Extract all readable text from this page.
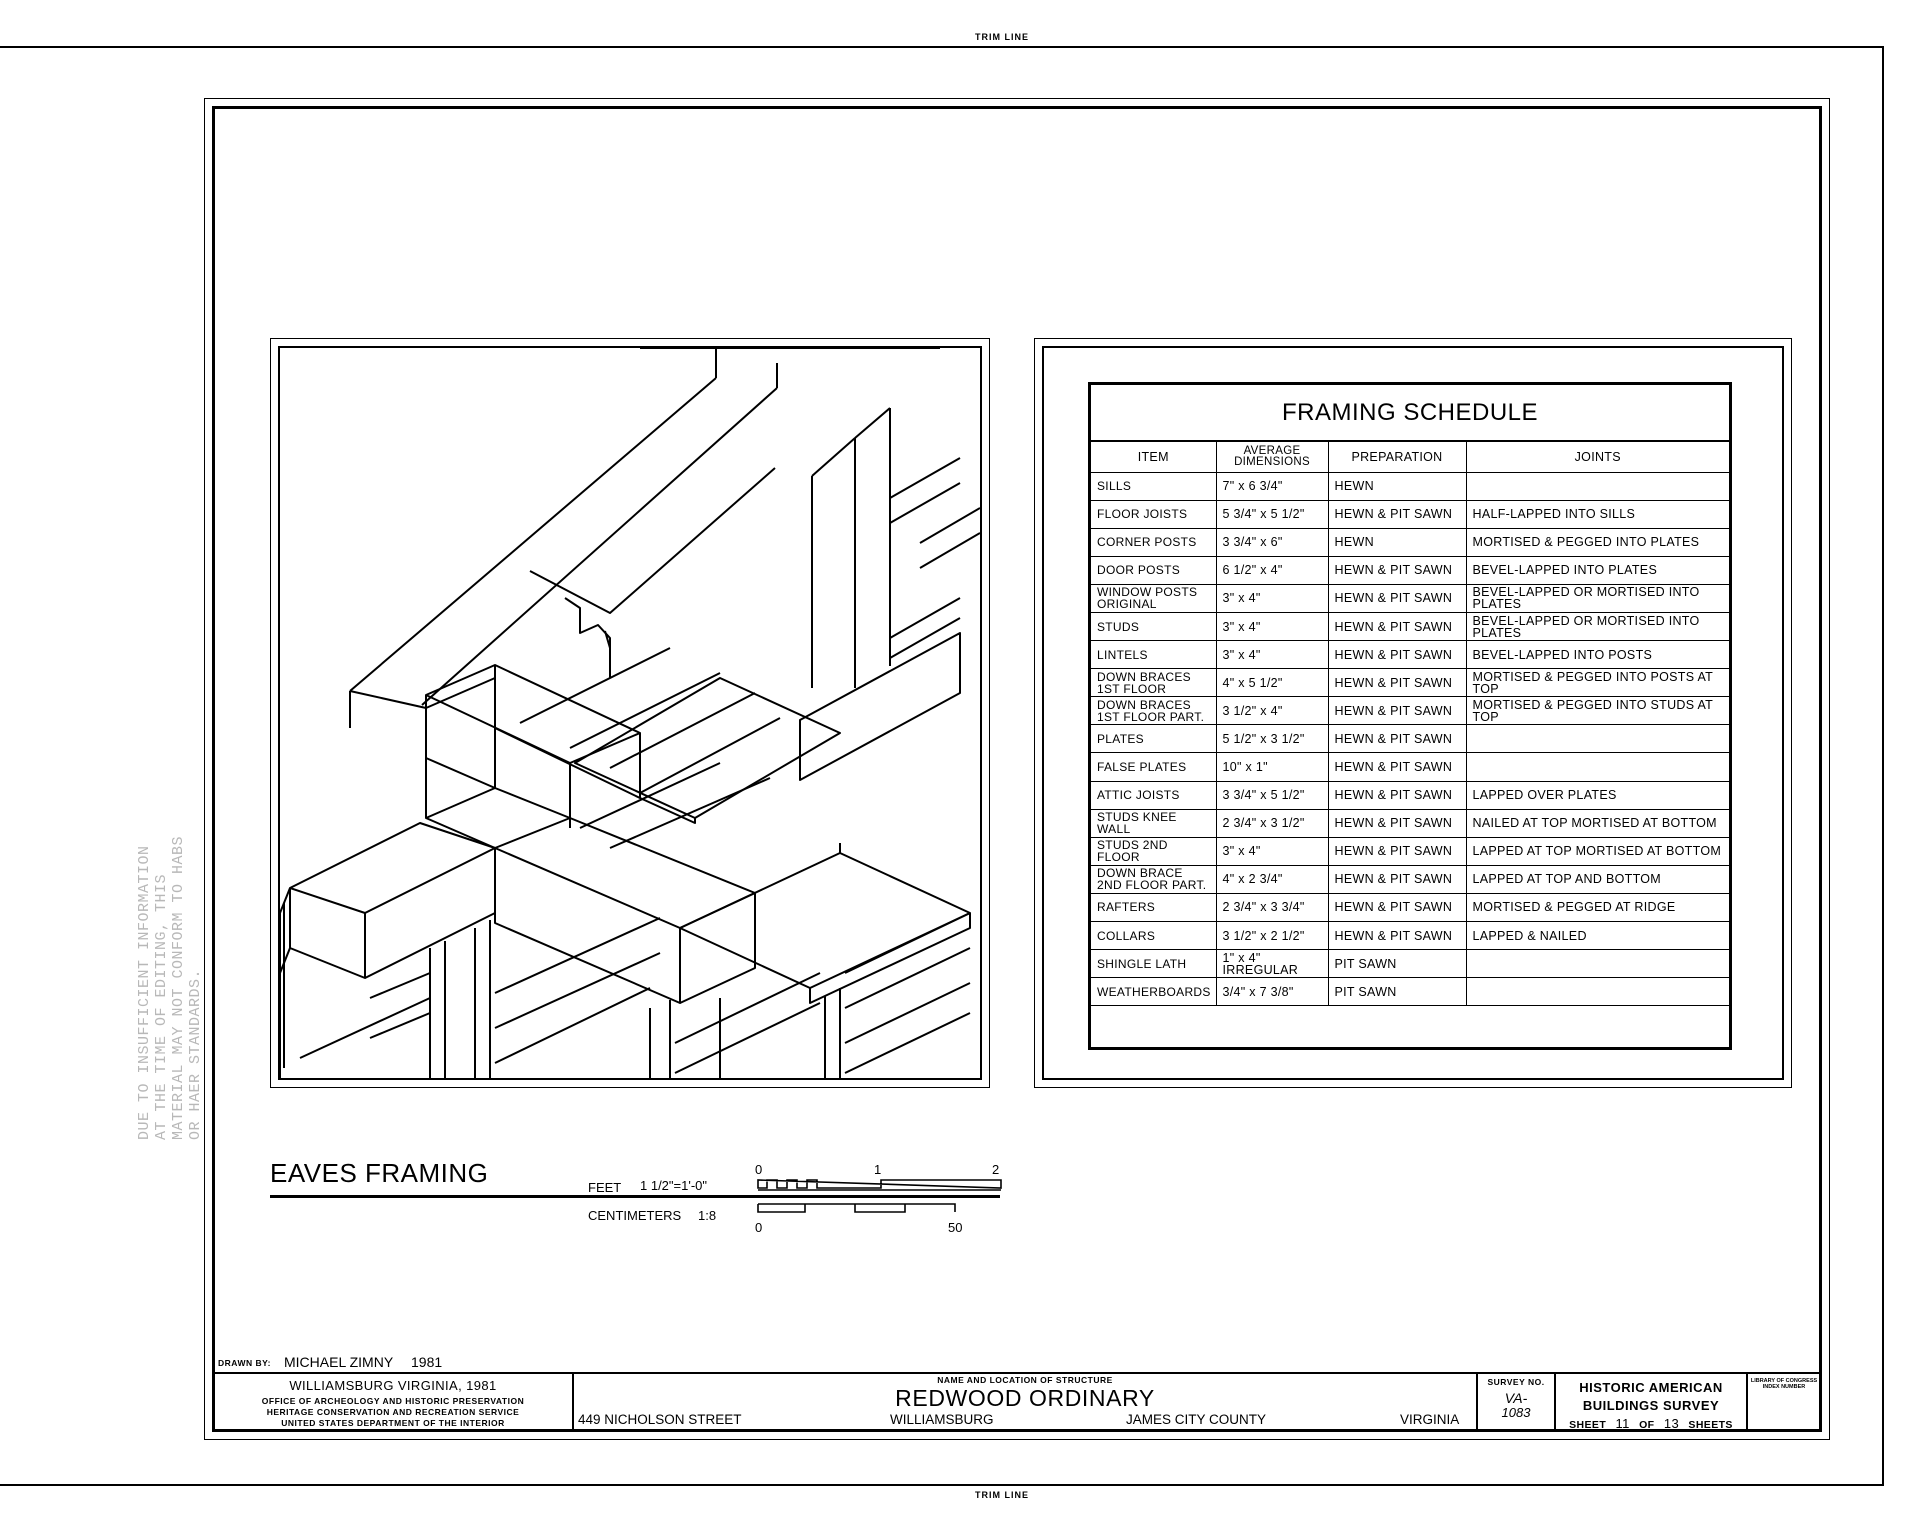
TRIM LINE
TRIM LINE
FRAMING SCHEDULE
ITEM	AVERAGE DIMENSIONS	PREPARATION	JOINTS
SILLS	7" x 6 3/4"	HEWN	
FLOOR JOISTS	5 3/4" x 5 1/2"	HEWN & PIT SAWN	HALF-LAPPED INTO SILLS
CORNER POSTS	3 3/4" x 6"	HEWN	MORTISED & PEGGED INTO PLATES
DOOR POSTS	6 1/2" x 4"	HEWN & PIT SAWN	BEVEL-LAPPED INTO PLATES
WINDOW POSTS ORIGINAL	3" x 4"	HEWN & PIT SAWN	BEVEL-LAPPED OR MORTISED INTO PLATES
STUDS	3" x 4"	HEWN & PIT SAWN	BEVEL-LAPPED OR MORTISED INTO PLATES
LINTELS	3" x 4"	HEWN & PIT SAWN	BEVEL-LAPPED INTO POSTS
DOWN BRACES 1ST FLOOR	4" x 5 1/2"	HEWN & PIT SAWN	MORTISED & PEGGED INTO POSTS AT TOP
DOWN BRACES 1ST FLOOR PART.	3 1/2" x 4"	HEWN & PIT SAWN	MORTISED & PEGGED INTO STUDS AT TOP
PLATES	5 1/2" x 3 1/2"	HEWN & PIT SAWN	
FALSE PLATES	10" x 1"	HEWN & PIT SAWN	
ATTIC JOISTS	3 3/4" x 5 1/2"	HEWN & PIT SAWN	LAPPED OVER PLATES
STUDS KNEE WALL	2 3/4" x 3 1/2"	HEWN & PIT SAWN	NAILED AT TOP MORTISED AT BOTTOM
STUDS 2ND FLOOR	3" x 4"	HEWN & PIT SAWN	LAPPED AT TOP MORTISED AT BOTTOM
DOWN BRACE 2ND FLOOR PART.	4" x 2 3/4"	HEWN & PIT SAWN	LAPPED AT TOP AND BOTTOM
RAFTERS	2 3/4" x 3 3/4"	HEWN & PIT SAWN	MORTISED & PEGGED AT RIDGE
COLLARS	3 1/2" x 2 1/2"	HEWN & PIT SAWN	LAPPED & NAILED
SHINGLE LATH	1" x 4" IRREGULAR	PIT SAWN	
WEATHERBOARDS	3/4" x 7 3/8"	PIT SAWN	
EAVES FRAMING	FEET 1 1/2"=1'-0"
CENTIMETERS 1:8
0	1	2
0	50
DRAWN BY: MICHAEL ZIMNY 1981
WILLIAMSBURG VIRGINIA, 1981
OFFICE OF ARCHEOLOGY AND HISTORIC PRESERVATION
HERITAGE CONSERVATION AND RECREATION SERVICE
UNITED STATES DEPARTMENT OF THE INTERIOR
NAME AND LOCATION OF STRUCTURE
REDWOOD ORDINARY
449 NICHOLSON STREET	WILLIAMSBURG	JAMES CITY COUNTY	VIRGINIA
SURVEY NO.
VA-
1083
HISTORIC AMERICAN
BUILDINGS SURVEY
SHEET 11 OF 13 SHEETS
LIBRARY OF CONGRESS
INDEX NUMBER
DUE TO INSUFFICIENT INFORMATION AT THE TIME OF EDITING, THIS MATERIAL MAY NOT CONFORM TO HABS OR HAER STANDARDS.
